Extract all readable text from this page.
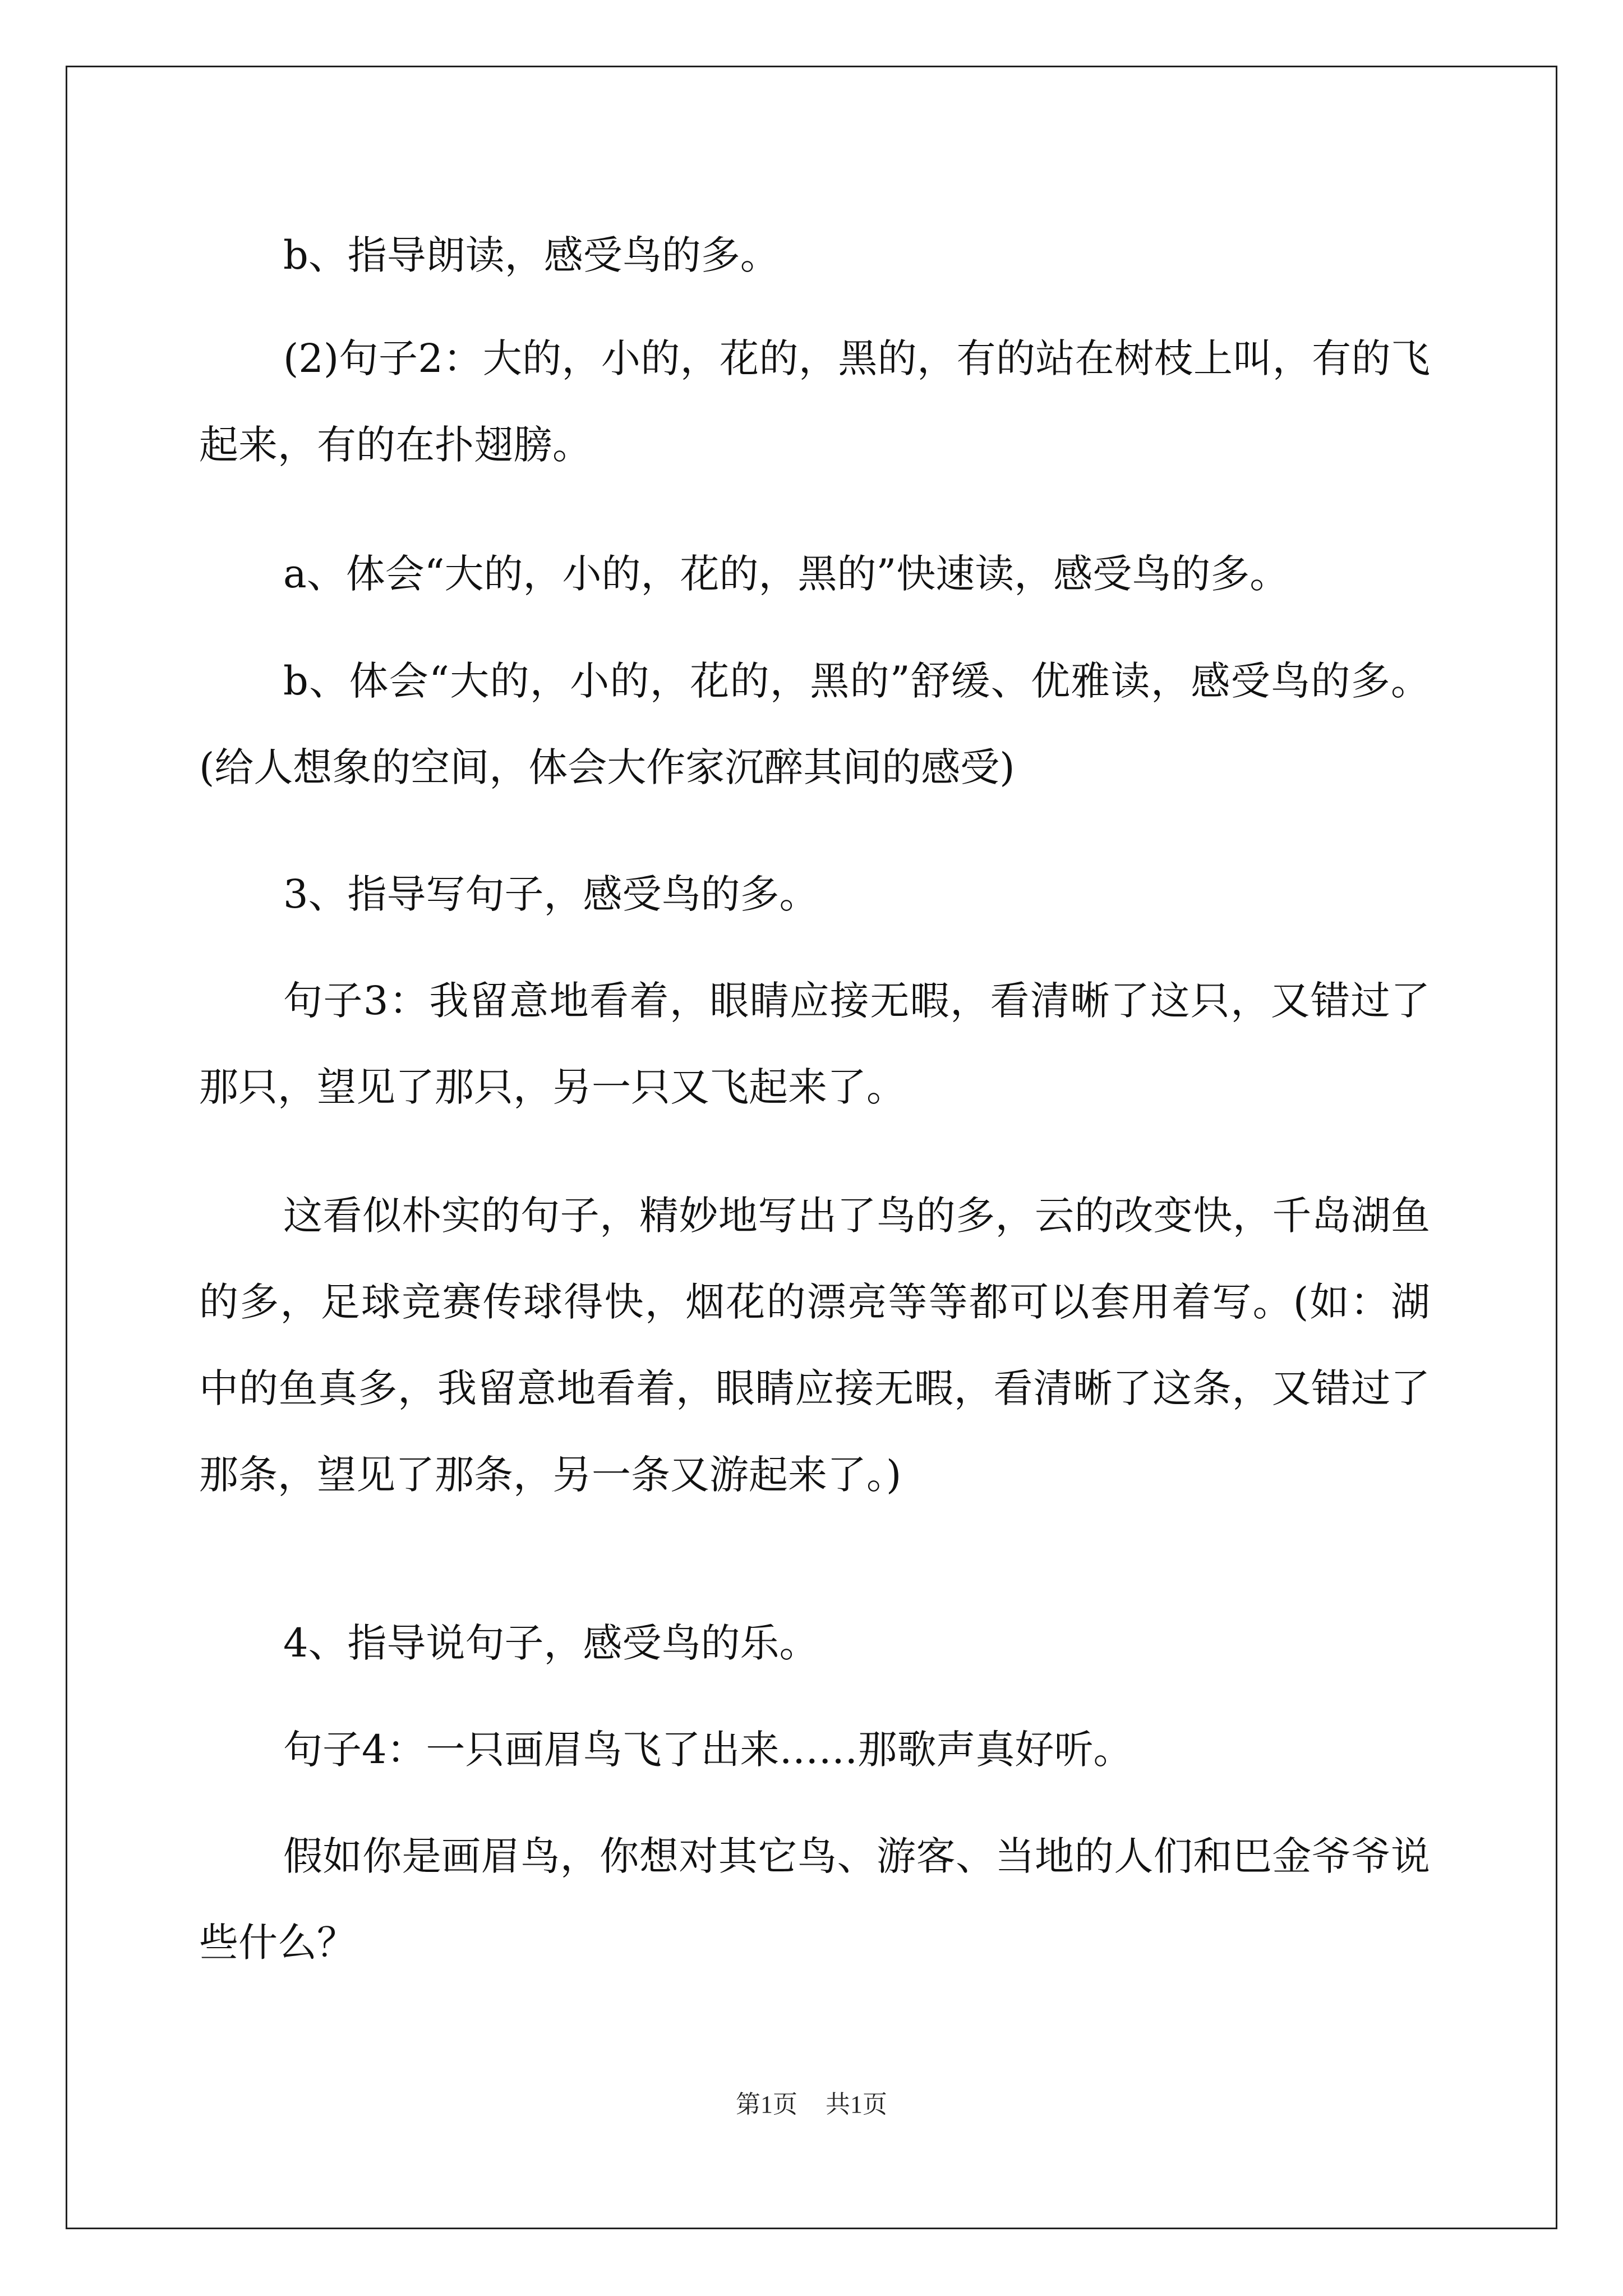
b、指导朗读，感受鸟的多。

(2)句子2：大的，小的，花的，黑的，有的站在树枝上叫，有的飞起来，有的在扑翅膀。

a、体会“大的，小的，花的，黑的”快速读，感受鸟的多。

b、体会“大的，小的，花的，黑的”舒缓、优雅读，感受鸟的多。(给人想象的空间，体会大作家沉醉其间的感受)

3、指导写句子，感受鸟的多。

句子3：我留意地看着，眼睛应接无暇，看清晰了这只，又错过了那只，望见了那只，另一只又飞起来了。

这看似朴实的句子，精妙地写出了鸟的多，云的改变快，千岛湖鱼的多，足球竞赛传球得快，烟花的漂亮等等都可以套用着写。(如：湖中的鱼真多，我留意地看着，眼睛应接无暇，看清晰了这条，又错过了那条，望见了那条，另一条又游起来了。)

4、指导说句子，感受鸟的乐。

句子4：一只画眉鸟飞了出来……那歌声真好听。

假如你是画眉鸟，你想对其它鸟、游客、当地的人们和巴金爷爷说些什么？

第1页 共1页
